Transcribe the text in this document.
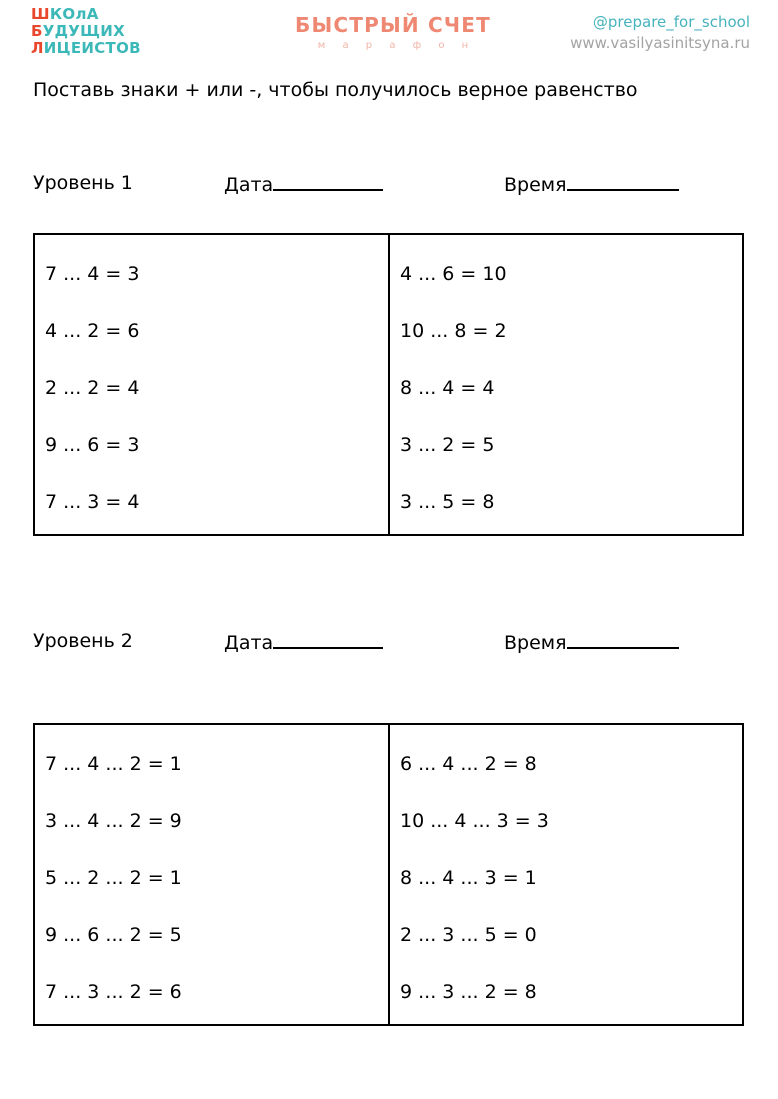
ШКОлА
БУДУЩИХ
ЛИЦЕИСТОВ
БЫСТРЫЙ СЧЕТ
м а р а ф о н
@prepare_for_school
www.vasilyasinitsyna.ru
Поставь знаки + или -, чтобы получилось верное равенство
Уровень 1	Дата	Время
7 ... 4 = 3
4 ... 2 = 6
2 ... 2 = 4
9 ... 6 = 3
7 ... 3 = 4
4 ... 6 = 10
10 ... 8 = 2
8 ... 4 = 4
3 ... 2 = 5
3 ... 5 = 8
Уровень 2	Дата	Время
7 ... 4 ... 2 = 1
3 ... 4 ... 2 = 9
5 ... 2 ... 2 = 1
9 ... 6 ... 2 = 5
7 ... 3 ... 2 = 6
6 ... 4 ... 2 = 8
10 ... 4 ... 3 = 3
8 ... 4 ... 3 = 1
2 ... 3 ... 5 = 0
9 ... 3 ... 2 = 8
